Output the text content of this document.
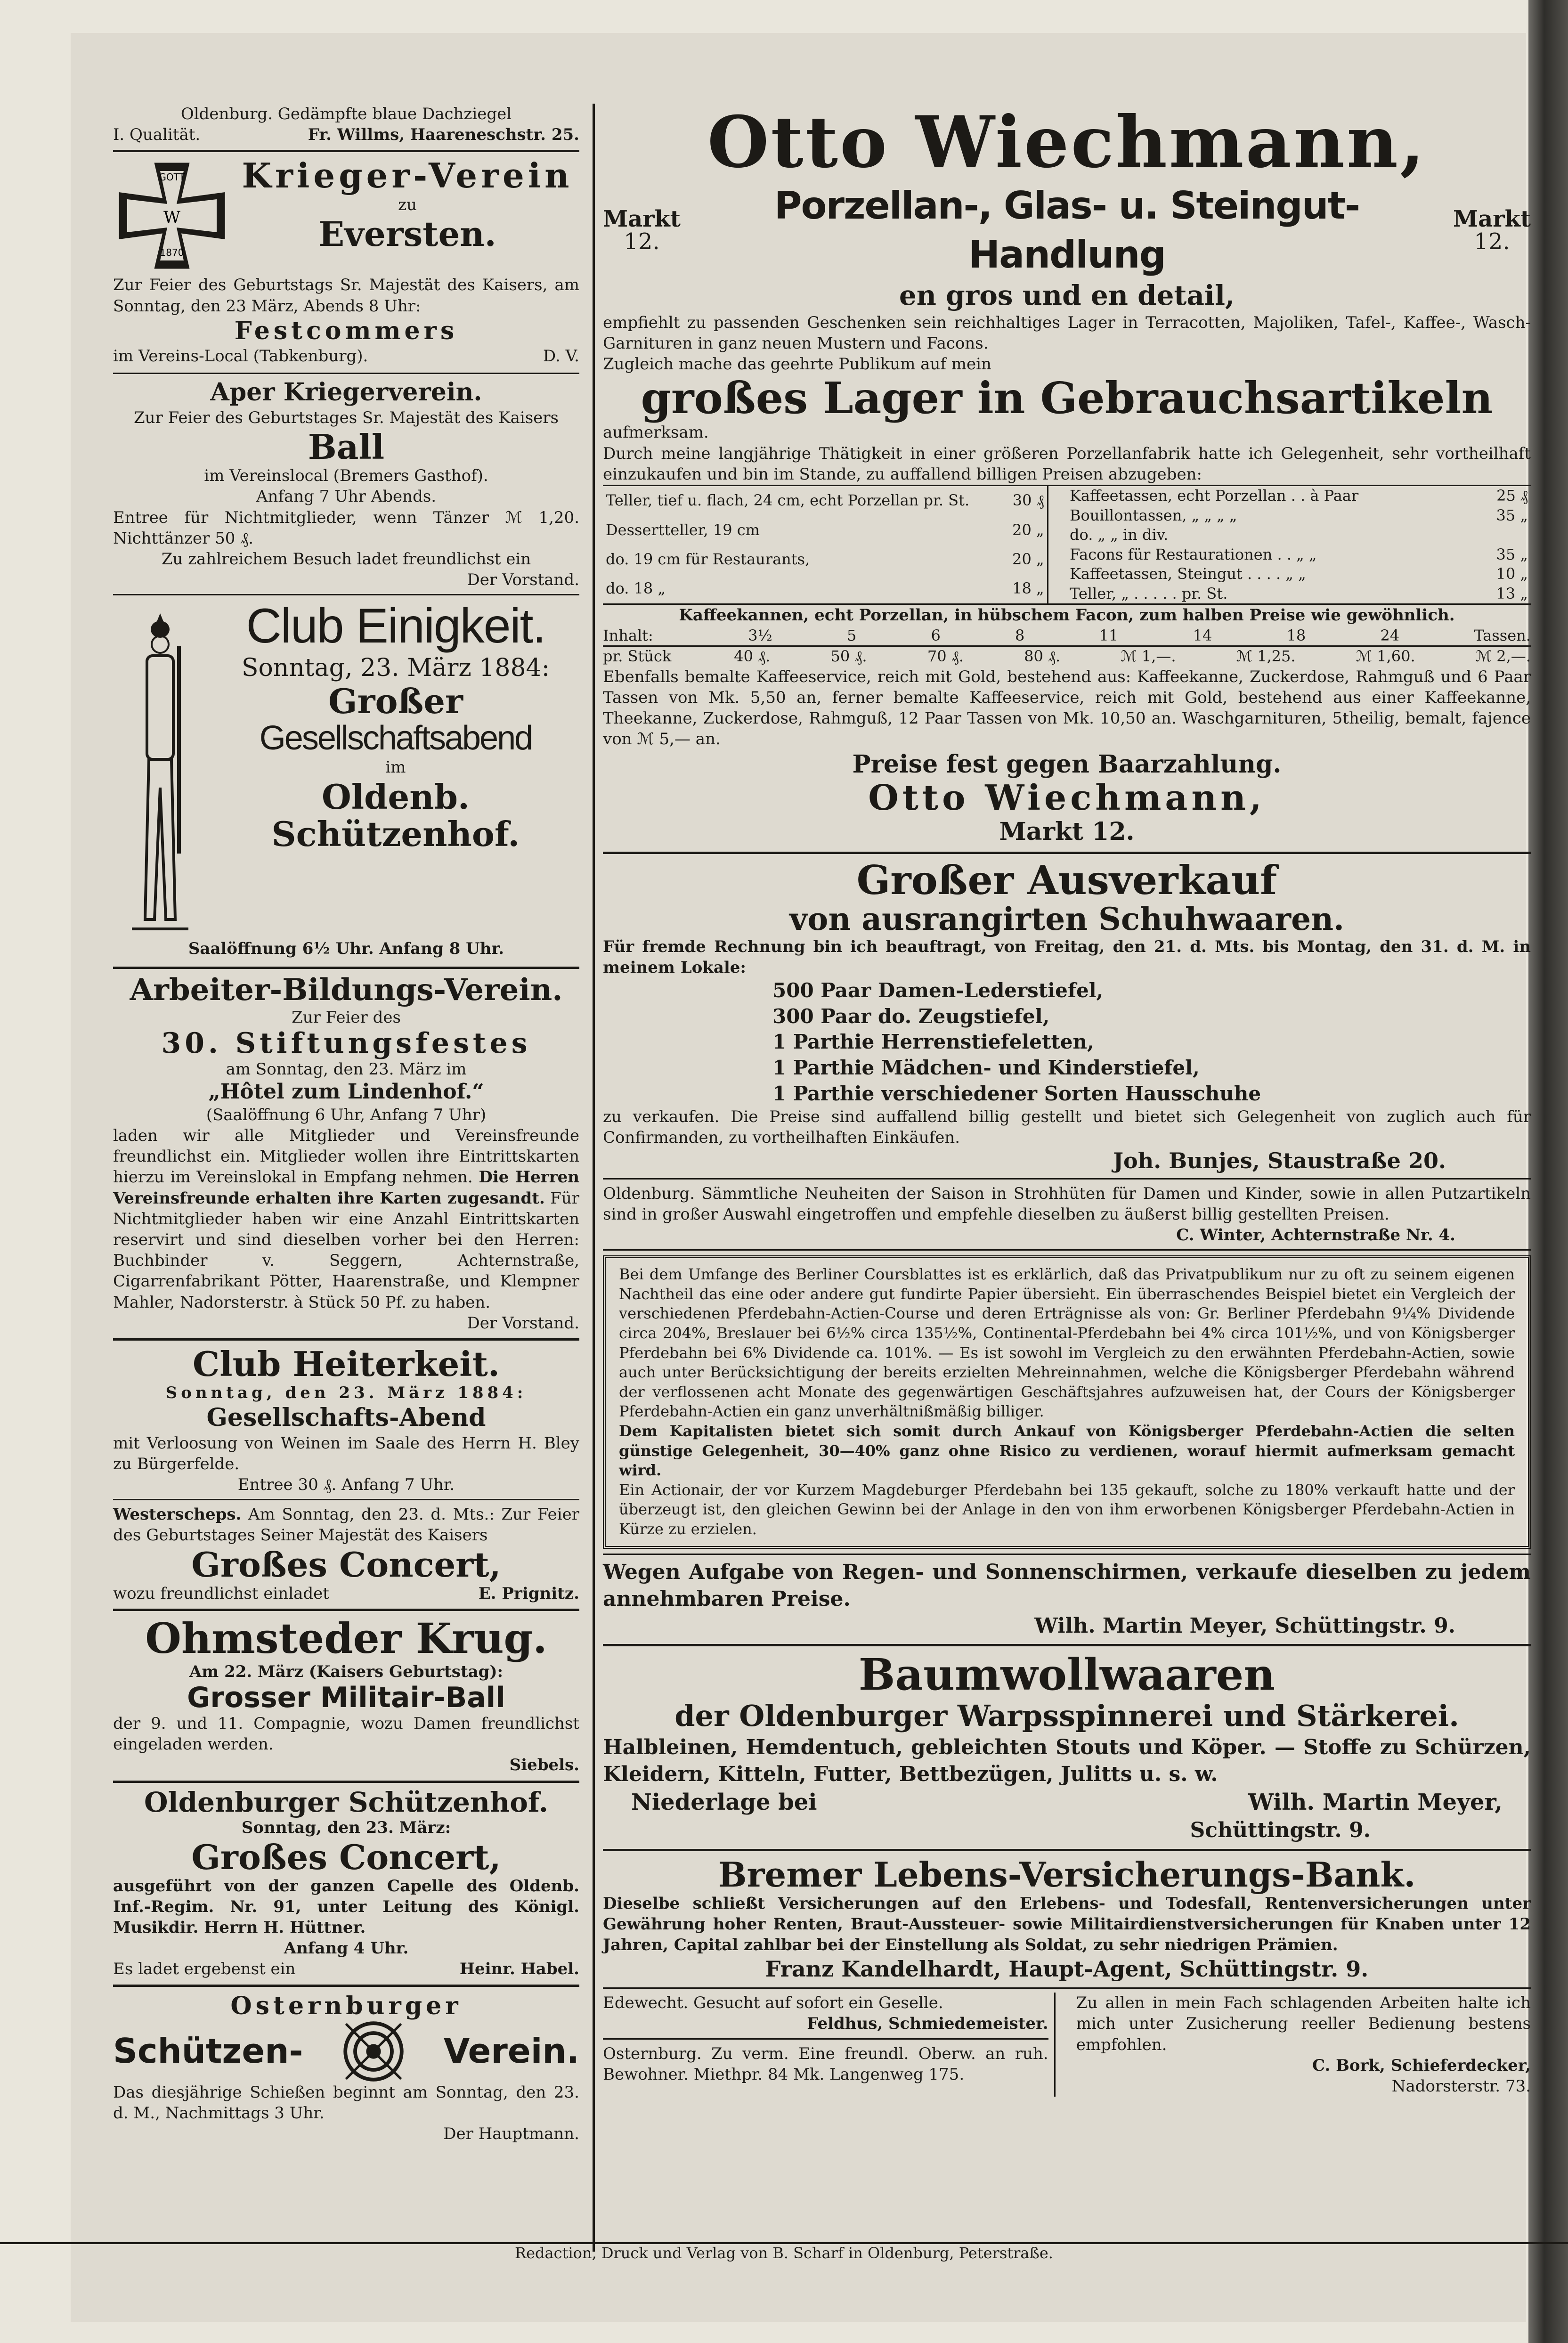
Oldenburg. Gedämpfte blaue Dachziegel

I. Qualität.	Fr. Willms, Haareneschstr. 25.

GOTT
W
1870

Krieger-Verein

zu

Eversten.

Zur Feier des Geburtstags Sr. Majestät des Kaisers, am Sonntag, den 23 März, Abends 8 Uhr:

Festcommers

im Vereins-Local (Tabkenburg).	D. V.

Aper Kriegerverein.

Zur Feier des Geburtstages Sr. Majestät des Kaisers

Ball

im Vereinslocal (Bremers Gasthof).

Anfang 7 Uhr Abends.

Entree für Nichtmitglieder, wenn Tänzer ℳ 1,20. Nichttänzer 50 ₰.

Zu zahlreichem Besuch ladet freundlichst ein

Der Vorstand.

Club Einigkeit.

Sonntag, 23. März 1884:

Großer

Gesellschaftsabend

im

Oldenb. Schützenhof.

Saalöffnung 6½ Uhr. Anfang 8 Uhr.

Arbeiter-Bildungs-Verein.

Zur Feier des

30. Stiftungsfestes

am Sonntag, den 23. März im

„Hôtel zum Lindenhof.“

(Saalöffnung 6 Uhr, Anfang 7 Uhr)

laden wir alle Mitglieder und Vereinsfreunde freundlichst ein. Mitglieder wollen ihre Eintrittskarten hierzu im Vereinslokal in Empfang nehmen. Die Herren Vereinsfreunde erhalten ihre Karten zugesandt. Für Nichtmitglieder haben wir eine Anzahl Eintrittskarten reservirt und sind dieselben vorher bei den Herren: Buchbinder v. Seggern, Achternstraße, Cigarrenfabrikant Pötter, Haarenstraße, und Klempner Mahler, Nadorsterstr. à Stück 50 Pf. zu haben.

Der Vorstand.

Club Heiterkeit.

Sonntag, den 23. März 1884:

Gesellschafts-Abend

mit Verloosung von Weinen im Saale des Herrn H. Bley zu Bürgerfelde.

Entree 30 ₰. Anfang 7 Uhr.

Westerscheps. Am Sonntag, den 23. d. Mts.: Zur Feier des Geburtstages Seiner Majestät des Kaisers

Großes Concert,

wozu freundlichst einladet	E. Prignitz.

Ohmsteder Krug.

Am 22. März (Kaisers Geburtstag):

Grosser Militair-Ball

der 9. und 11. Compagnie, wozu Damen freundlichst eingeladen werden.

Siebels.

Oldenburger Schützenhof.

Sonntag, den 23. März:

Großes Concert,

ausgeführt von der ganzen Capelle des Oldenb. Inf.-Regim. Nr. 91, unter Leitung des Königl. Musikdir. Herrn H. Hüttner.

Anfang 4 Uhr.

Es ladet ergebenst ein	Heinr. Habel.

Osternburger

Schützen-	Verein.

Das diesjährige Schießen beginnt am Sonntag, den 23. d. M., Nachmittags 3 Uhr.

Der Hauptmann.

Otto Wiechmann,

Markt
12.
Porzellan-, Glas- u. Steingut-Handlung
Markt
12.

en gros und en detail,

empfiehlt zu passenden Geschenken sein reichhaltiges Lager in Terracotten, Majoliken, Tafel-, Kaffee-, Wasch-Garnituren in ganz neuen Mustern und Facons.

Zugleich mache das geehrte Publikum auf mein

großes Lager in Gebrauchsartikeln

aufmerksam.

Durch meine langjährige Thätigkeit in einer größeren Porzellanfabrik hatte ich Gelegenheit, sehr vortheilhaft einzukaufen und bin im Stande, zu auffallend billigen Preisen abzugeben:

Teller, tief u. flach, 24 cm, echt Porzellan pr. St.	30 ₰
Dessertteller, 19 cm	20 „
do. 19 cm für Restaurants,	20 „
do. 18 „	18 „
Kaffeetassen, echt Porzellan . . à Paar	25 ₰
Bouillontassen, „ „ „ „	35 „
do. „ „ in div.	
Facons für Restaurationen . . „ „	35 „
Kaffeetassen, Steingut . . . . „ „	10 „
Teller, „ . . . . . pr. St.	13 „

Kaffeekannen, echt Porzellan, in hübschem Facon, zum halben Preise wie gewöhnlich.

Inhalt:	3½	5	6	8	11	14	18	24	Tassen.
pr. Stück	40 ₰.	50 ₰.	70 ₰.	80 ₰.	ℳ 1,—.	ℳ 1,25.	ℳ 1,60.	ℳ 2,—.

Ebenfalls bemalte Kaffeeservice, reich mit Gold, bestehend aus: Kaffeekanne, Zuckerdose, Rahmguß und 6 Paar Tassen von Mk. 5,50 an, ferner bemalte Kaffeeservice, reich mit Gold, bestehend aus einer Kaffeekanne, Theekanne, Zuckerdose, Rahmguß, 12 Paar Tassen von Mk. 10,50 an. Waschgarnituren, 5theilig, bemalt, fajence von ℳ 5,— an.

Preise fest gegen Baarzahlung.

Otto Wiechmann,

Markt 12.

Großer Ausverkauf

von ausrangirten Schuhwaaren.

Für fremde Rechnung bin ich beauftragt, von Freitag, den 21. d. Mts. bis Montag, den 31. d. M. in meinem Lokale:

500 Paar Damen-Lederstiefel,

300 Paar do. Zeugstiefel,

1 Parthie Herrenstiefeletten,

1 Parthie Mädchen- und Kinderstiefel,

1 Parthie verschiedener Sorten Hausschuhe

zu verkaufen. Die Preise sind auffallend billig gestellt und bietet sich Gelegenheit von zuglich auch für Confirmanden, zu vortheilhaften Einkäufen.

Joh. Bunjes, Staustraße 20.

Oldenburg. Sämmtliche Neuheiten der Saison in Strohhüten für Damen und Kinder, sowie in allen Putzartikeln sind in großer Auswahl eingetroffen und empfehle dieselben zu äußerst billig gestellten Preisen.

C. Winter, Achternstraße Nr. 4.

Bei dem Umfange des Berliner Coursblattes ist es erklärlich, daß das Privatpublikum nur zu oft zu seinem eigenen Nachtheil das eine oder andere gut fundirte Papier übersieht. Ein überraschendes Beispiel bietet ein Vergleich der verschiedenen Pferdebahn-Actien-Course und deren Erträgnisse als von: Gr. Berliner Pferdebahn 9¼% Dividende circa 204%, Breslauer bei 6½% circa 135½%, Continental-Pferdebahn bei 4% circa 101½%, und von Königsberger Pferdebahn bei 6% Dividende ca. 101%. — Es ist sowohl im Vergleich zu den erwähnten Pferdebahn-Actien, sowie auch unter Berücksichtigung der bereits erzielten Mehreinnahmen, welche die Königsberger Pferdebahn während der verflossenen acht Monate des gegenwärtigen Geschäftsjahres aufzuweisen hat, der Cours der Königsberger Pferdebahn-Actien ein ganz unverhältnißmäßig billiger.

Dem Kapitalisten bietet sich somit durch Ankauf von Königsberger Pferdebahn-Actien die selten günstige Gelegenheit, 30—40% ganz ohne Risico zu verdienen, worauf hiermit aufmerksam gemacht wird.

Ein Actionair, der vor Kurzem Magdeburger Pferdebahn bei 135 gekauft, solche zu 180% verkauft hatte und der überzeugt ist, den gleichen Gewinn bei der Anlage in den von ihm erworbenen Königsberger Pferdebahn-Actien in Kürze zu erzielen.

Wegen Aufgabe von Regen- und Sonnenschirmen, verkaufe dieselben zu jedem annehmbaren Preise.

Wilh. Martin Meyer, Schüttingstr. 9.

Baumwollwaaren

der Oldenburger Warpsspinnerei und Stärkerei.

Halbleinen, Hemdentuch, gebleichten Stouts und Köper. — Stoffe zu Schürzen, Kleidern, Kitteln, Futter, Bettbezügen, Julitts u. s. w.

Niederlage bei	Wilh. Martin Meyer,

Schüttingstr. 9.

Bremer Lebens-Versicherungs-Bank.

Dieselbe schließt Versicherungen auf den Erlebens- und Todesfall, Rentenversicherungen unter Gewährung hoher Renten, Braut-Aussteuer- sowie Militairdienstversicherungen für Knaben unter 12 Jahren, Capital zahlbar bei der Einstellung als Soldat, zu sehr niedrigen Prämien.

Franz Kandelhardt, Haupt-Agent, Schüttingstr. 9.

Edewecht. Gesucht auf sofort ein Geselle.

Feldhus, Schmiedemeister.

Osternburg. Zu verm. Eine freundl. Oberw. an ruh. Bewohner. Miethpr. 84 Mk. Langenweg 175.

Zu allen in mein Fach schlagenden Arbeiten halte ich mich unter Zusicherung reeller Bedienung bestens empfohlen.

C. Bork, Schieferdecker,

Nadorsterstr. 73.

Redaction, Druck und Verlag von B. Scharf in Oldenburg, Peterstraße.
